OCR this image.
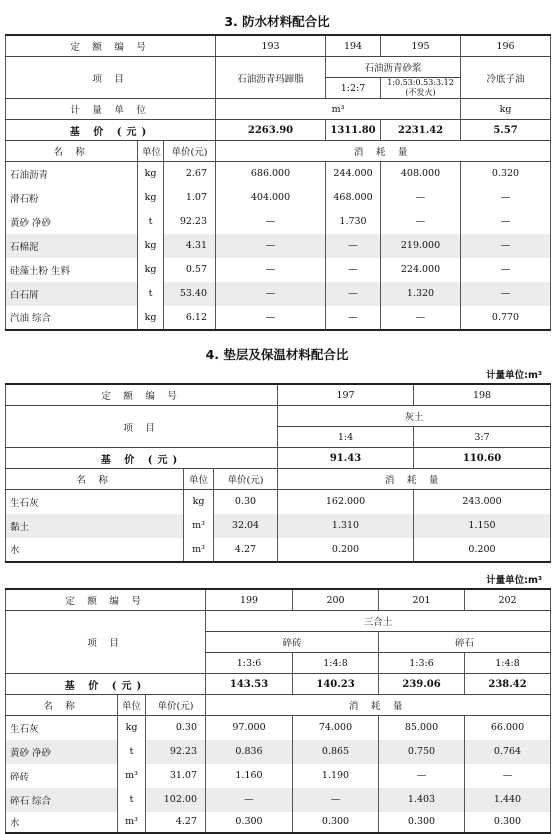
3. 防水材料配合比
定 额 编 号			193	194	195	196
项 目			石油沥青玛蹄脂	石油沥青砂浆		冷底子油
				1:2:7	1:0.53:0.53:3.12
(不发火)	
计 量 单 位			m³			kg
基 价 (元)			2263.90	1311.80	2231.42	5.57
名 称	单位	单价(元)	消 耗 量			
石油沥青	kg	2.67	686.000	244.000	408.000	0.320
滑石粉	kg	1.07	404.000	468.000	—	—
黄砂 净砂	t	92.23	—	1.730	—	—
石棉泥	kg	4.31	—	—	219.000	—
硅藻土粉 生料	kg	0.57	—	—	224.000	—
白石屑	t	53.40	—	—	1.320	—
汽油 综合	kg	6.12	—	—	—	0.770
4. 垫层及保温材料配合比
计量单位:m³
定 额 编 号			197	198
项 目			灰土	
			1:4	3:7
基 价 (元)			91.43	110.60
名 称	单位	单价(元)	消 耗 量	
生石灰	kg	0.30	162.000	243.000
黏土	m³	32.04	1.310	1.150
水	m³	4.27	0.200	0.200
计量单位:m³
定 额 编 号			199	200	201	202
项 目			三合土			
			碎砖		碎石	
			1:3:6	1:4:8	1:3:6	1:4:8
基 价 (元)			143.53	140.23	239.06	238.42
名 称	单位	单价(元)	消 耗 量			
生石灰	kg	0.30	97.000	74.000	85.000	66.000
黄砂 净砂	t	92.23	0.836	0.865	0.750	0.764
碎砖	m³	31.07	1.160	1.190	—	—
碎石 综合	t	102.00	—	—	1.403	1.440
水	m³	4.27	0.300	0.300	0.300	0.300
